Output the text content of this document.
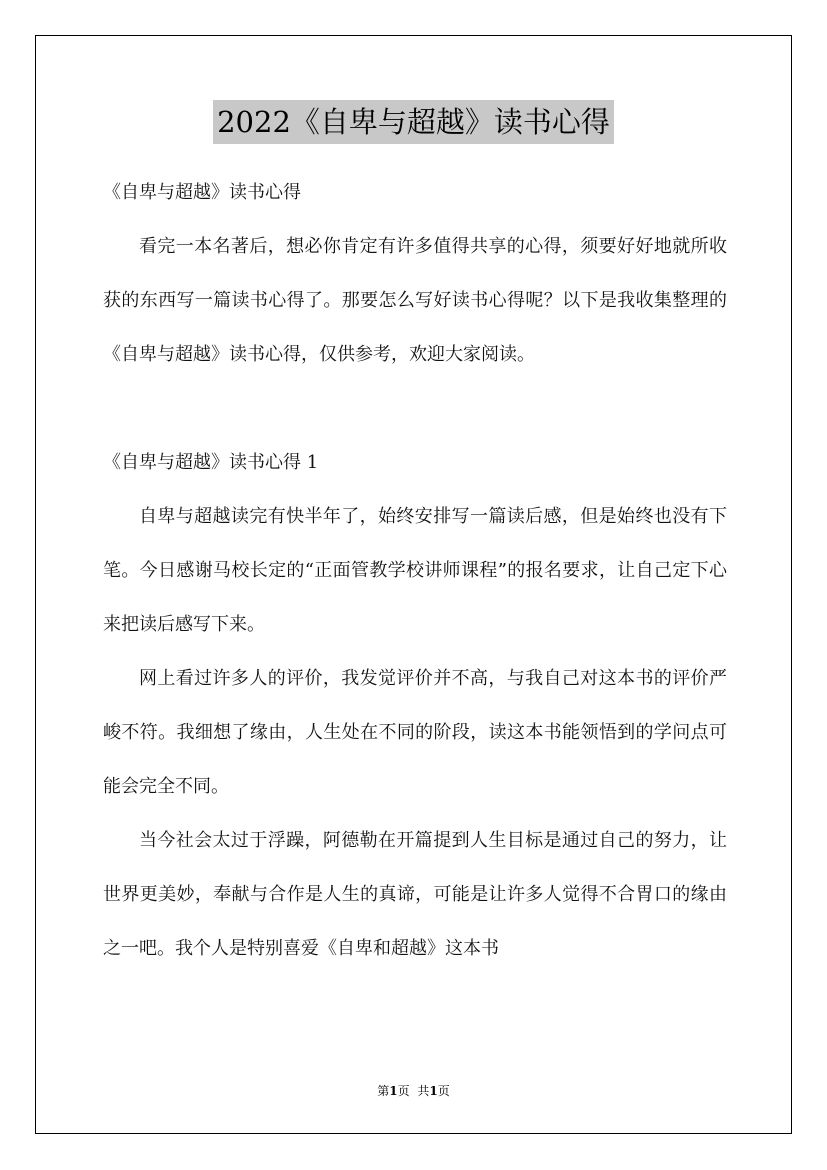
2022《自卑与超越》读书心得

《自卑与超越》读书心得

看完一本名著后，想必你肯定有许多值得共享的心得，须要好好地就所收获的东西写一篇读书心得了。那要怎么写好读书心得呢？以下是我收集整理的《自卑与超越》读书心得，仅供参考，欢迎大家阅读。

《自卑与超越》读书心得 1

自卑与超越读完有快半年了，始终安排写一篇读后感，但是始终也没有下笔。今日感谢马校长定的“正面管教学校讲师课程”的报名要求，让自己定下心来把读后感写下来。

网上看过许多人的评价，我发觉评价并不高，与我自己对这本书的评价严峻不符。我细想了缘由，人生处在不同的阶段，读这本书能领悟到的学问点可能会完全不同。

当今社会太过于浮躁，阿德勒在开篇提到人生目标是通过自己的努力，让世界更美妙，奉献与合作是人生的真谛，可能是让许多人觉得不合胃口的缘由之一吧。我个人是特别喜爱《自卑和超越》这本书

第1页 共1页
